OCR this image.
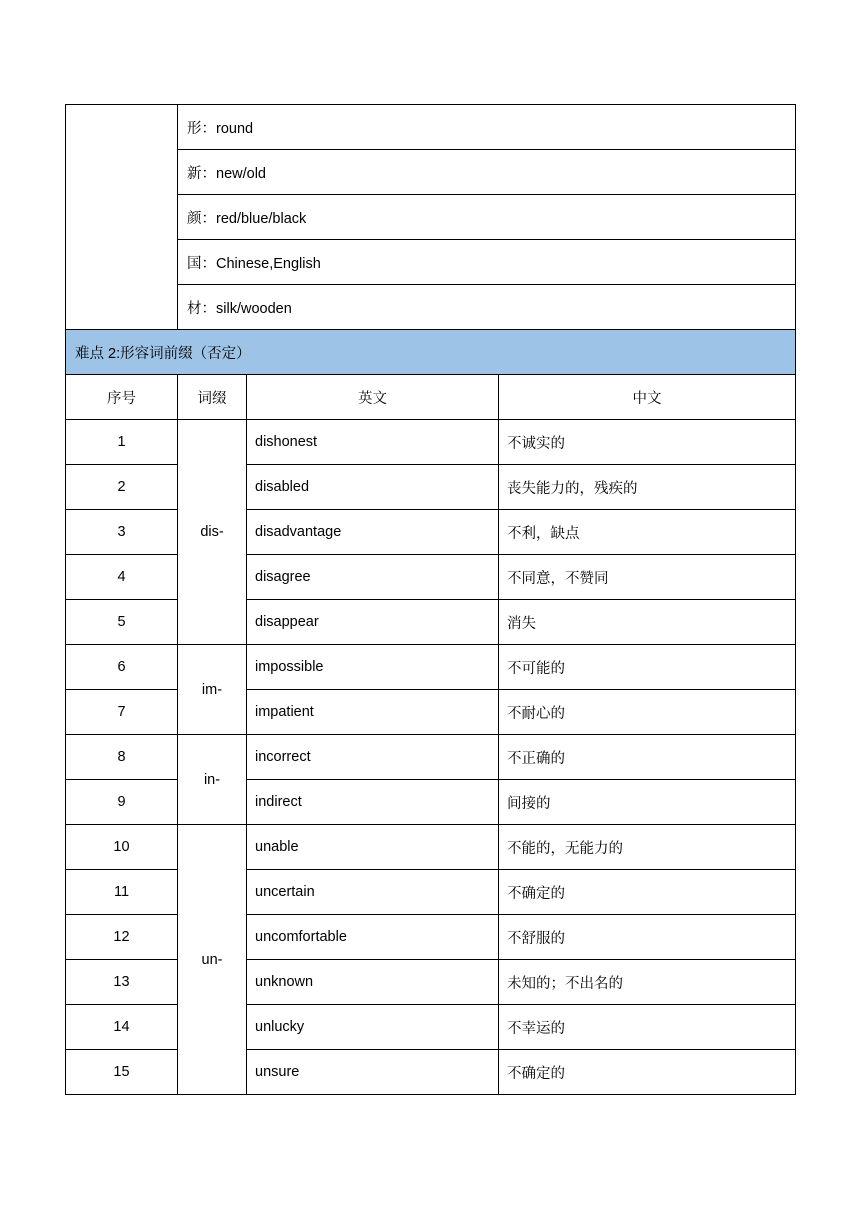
	形：round		
	新：new/old		
	颜：red/blue/black		
	国：Chinese,English		
	材：silk/wooden		
难点 2:形容词前缀（否定）			
序号	词缀	英文	中文
1	dis-	dishonest	不诚实的
2		disabled	丧失能力的，残疾的
3		disadvantage	不利，缺点
4		disagree	不同意，不赞同
5		disappear	消失
6	im-	impossible	不可能的
7		impatient	不耐心的
8	in-	incorrect	不正确的
9		indirect	间接的
10	un-	unable	不能的，无能力的
11		uncertain	不确定的
12		uncomfortable	不舒服的
13		unknown	未知的；不出名的
14		unlucky	不幸运的
15		unsure	不确定的
